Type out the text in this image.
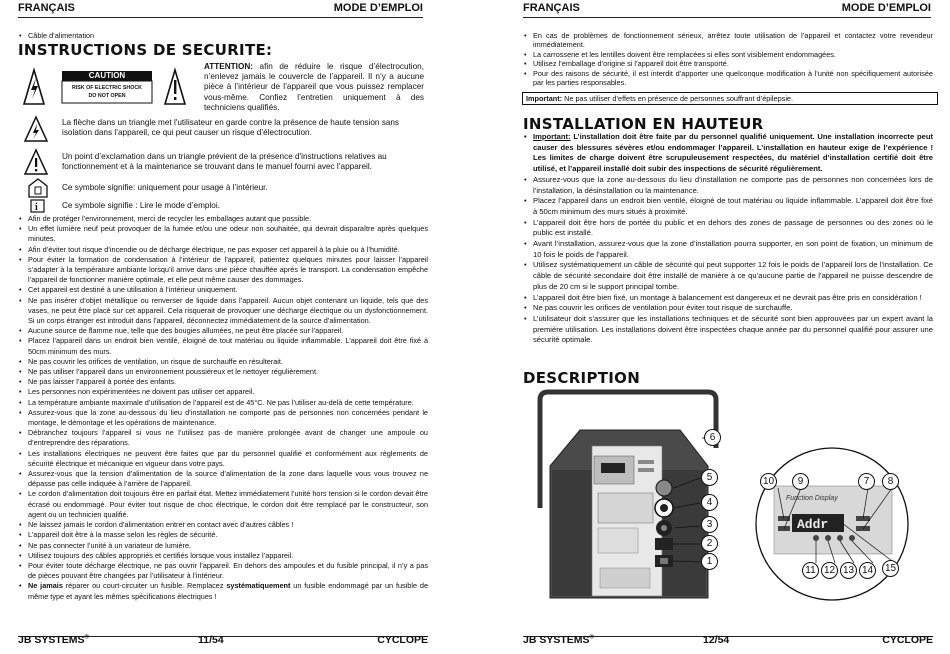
FRANÇAIS	MODE D’EMPLOI
• Câble d’alimentation
INSTRUCTIONS DE SECURITE:
CAUTION
RISK OF ELECTRIC SHOCK
DO NOT OPEN
ATTENTION: afin de réduire le risque d’électrocution, n’enlevez jamais le couvercle de l’appareil. Il n’y a aucune pièce à l’intérieur de l’appareil que vous puissez remplacer vous-même. Confiez l’entretien uniquement à des techniciens qualifiés.
La flèche dans un triangle met l'utilisateur en garde contre la présence de haute tension sans isolation dans l’appareil, ce qui peut causer un risque d’électrocution.
Un point d’exclamation dans un triangle prévient de la présence d'instructions relatives au fonctionnement et à la maintenance se trouvant dans le manuel fourni avec l’appareil.
Ce symbole signifie: uniquement pour usage à l’intérieur.
i	Ce symbole signifie : Lire le mode d’emploi.
• Afin de protéger l’environnement, merci de recycler les emballages autant que possible.
• Un effet lumière neuf peut provoquer de la fumée et/ou une odeur non souhaitée, qui devrait disparaître après quelques minutes.
• Afin d’éviter tout risque d’incendie ou de décharge électrique, ne pas exposer cet appareil à la pluie ou à l’humidité.
• Pour éviter la formation de condensation à l’intérieur de l’appareil, patientez quelques minutes pour laisser l’appareil s’adapter à la température ambiante lorsqu’il arrive dans une pièce chauffée après le transport. La condensation empêche l’appareil de fonctionner manière optimale, et elle peut même causer des dommages.
• Cet appareil est destiné à une utilisation à l’intérieur uniquement.
• Ne pas insérer d’objet métallique ou renverser de liquide dans l’appareil. Aucun objet contenant un liquide, tels que des vases, ne peut être placé sur cet appareil. Cela risquerait de provoquer une décharge électrique ou un dysfonctionnement. Si un corps étranger est introduit dans l’appareil, déconnectez immédiatement de la source d’alimentation.
• Aucune source de flamme nue, telle que des bougies allumées, ne peut être placée sur l’appareil.
• Placez l’appareil dans un endroit bien ventilé, éloigné de tout matériau ou liquide inflammable. L’appareil doit être fixé à 50cm minimum des murs.
• Ne pas couvrir les orifices de ventilation, un risque de surchauffe en résulterait.
• Ne pas utiliser l’appareil dans un environnement poussiéreux et le nettoyer régulièrement.
• Ne pas laisser l’appareil à portée des enfants.
• Les personnes non expérimentées ne doivent pas utiliser cet appareil.
• La température ambiante maximale d’utilisation de l’appareil est de 45°C. Ne pas l’utiliser au-delà de cette température.
• Assurez-vous que la zone au-dessous du lieu d’installation ne comporte pas de personnes non concernées pendant le montage, le démontage et les opérations de maintenance.
• Débranchez toujours l’appareil si vous ne l’utilisez pas de manière prolongée avant de changer une ampoule ou d’entreprendre des réparations.
• Les installations électriques ne peuvent être faites que par du personnel qualifié et conformément aux règlements de sécurité électrique et mécanique en vigueur dans votre pays.
• Assurez-vous que la tension d’alimentation de la source d’alimentation de la zone dans laquelle vous vous trouvez ne dépasse pas celle indiquée à l’arrière de l’appareil.
• Le cordon d’alimentation doit toujours être en parfait état. Mettez immédiatement l’unité hors tension si le cordon devait être écrasé ou endommagé. Pour éviter tout risque de choc électrique, le cordon doit être remplacé par le constructeur, son agent ou un technicien qualifié.
• Ne laissez jamais le cordon d’alimentation entrer en contact avec d’autres câbles !
• L’appareil doit être à la masse selon les règles de sécurité.
• Ne pas connecter l’unité à un variateur de lumière.
• Utilisez toujours des câbles appropriés et certifiés lorsque vous installez l’appareil.
• Pour éviter toute décharge électrique, ne pas ouvrir l’appareil. En dehors des ampoules et du fusible principal, il n’y a pas de pièces pouvant être changées par l’utilisateur à l’intérieur.
• Ne jamais réparer ou court-circuiter un fusible. Remplacez systématiquement un fusible endommagé par un fusible de même type et ayant les mêmes spécifications électriques !
JB SYSTEMS®	11/54	CYCLOPE
FRANÇAIS	MODE D’EMPLOI
• En cas de problèmes de fonctionnement sérieux, arrêtez toute utilisation de l’appareil et contactez votre revendeur immédiatement.
• La carrosserie et les lentilles doivent être remplacées si elles sont visiblement endommagées.
• Utilisez l’emballage d’origine si l’appareil doit être transporté.
• Pour des raisons de sécurité, il est interdit d’apporter une quelconque modification à l’unité non spécifiquement autorisée par les parties responsables.
Important: Ne pas utiliser d’effets en présence de personnes souffrant d’épilepsie.
INSTALLATION EN HAUTEUR
• Important: L’installation doit être faite par du personnel qualifié uniquement. Une installation incorrecte peut causer des blessures sévères et/ou endommager l’appareil. L’installation en hauteur exige de l’expérience ! Les limites de charge doivent être scrupuleusement respectées, du matériel d’installation certifié doit être utilisé, et l’appareil installé doit subir des inspections de sécurité régulièrement.
• Assurez-vous que la zone au-dessous du lieu d’installation ne comporte pas de personnes non concernées lors de l’installation, la désinstallation ou la maintenance.
• Placez l’appareil dans un endroit bien ventilé, éloigné de tout matériau ou liquide inflammable. L’appareil doit être fixé à 50cm minimum des murs situés à proximité.
• L’appareil doit être hors de portée du public et en dehors des zones de passage de personnes ou des zones où le public est installé.
• Avant l’installation, assurez-vous que la zone d’installation pourra supporter, en son point de fixation, un minimum de 10 fois le poids de l’appareil.
• Utilisez systématiquement un câble de sécurité qui peut supporter 12 fois le poids de l’appareil lors de l’installation. Ce câble de sécurité secondaire doit être installé de manière à ce qu’aucune partie de l’appareil ne puisse descendre de plus de 20 cm si le support principal tombe.
• L’appareil doit être bien fixé, un montage à balancement est dangereux et ne devrait pas être pris en considération !
• Ne pas couvrir les orifices de ventilation pour éviter tout risque de surchauffe.
• L’utilisateur doit s’assurer que les installations techniques et de sécurité sont bien approuvées par un expert avant la première utilisation. Les installations doivent être inspectées chaque année par du personnel qualifié pour assurer une sécurité optimale.
DESCRIPTION
Addr
Function Display
6
5
4
3
2
1
10	9	7	8
11 12 13 14 15
JB SYSTEMS®	12/54	CYCLOPE
